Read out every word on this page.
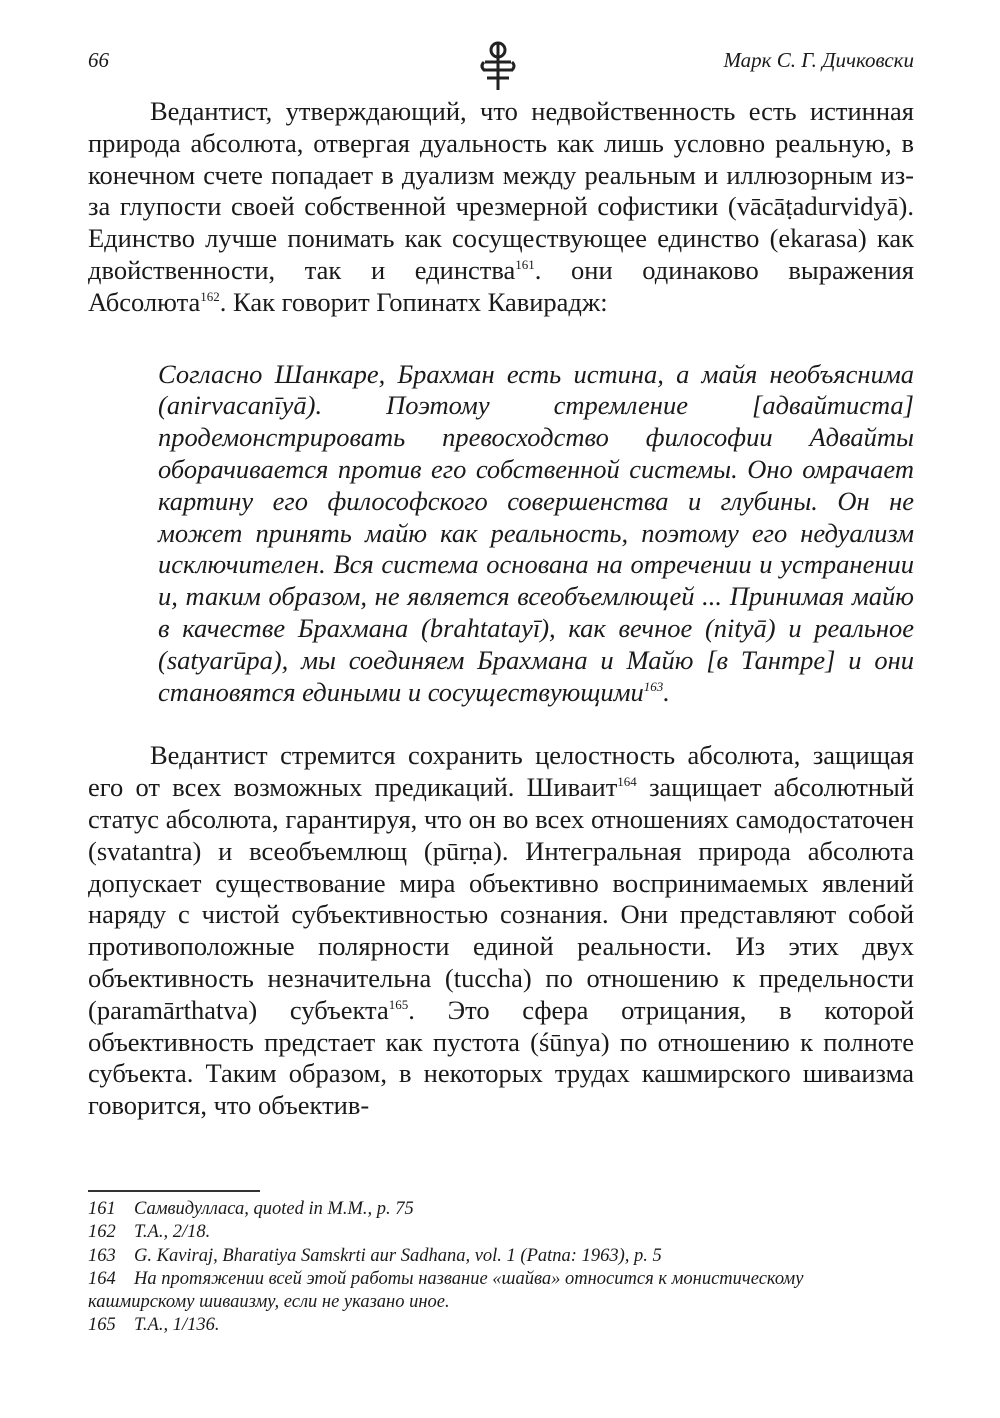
66	Марк С. Г. Дичковски

Ведантист, утверждающий, что недвойственность есть истинная природа абсолюта, отвергая дуальность как лишь условно реальную, в конечном счете попадает в дуализм между реальным и иллюзорным из-за глупости своей собственной чрезмерной софистики (vācāṭadurvidyā). Единство лучше понимать как сосуществующее единство (ekarasa) как двойственности, так и единства$^{161}$. они одинаково выражения Абсолюта$^{162}$. Как говорит Гопинатх Кавирадж:

Согласно Шанкаре, Брахман есть истина, а майя необъяснима (anirvacanīyā). Поэтому стремление [адвайтиста] продемонстрировать превосходство философии Адвайты оборачивается против его собственной системы. Оно омрачает картину его философского совершенства и глубины. Он не может принять майю как реальность, поэтому его недуализм исключителен. Вся система основана на отречении и устранении и, таким образом, не является всеобъемлющей ... Принимая майю в качестве Брахмана (brahtatayī), как вечное (nityā) и реальное (satyarūpa), мы соединяем Брахмана и Майю [в Тантре] и они становятся едиными и сосуществующими$^{163}$.

Ведантист стремится сохранить целостность абсолюта, защищая его от всех возможных предикаций. Шиваит$^{164}$ защищает абсолютный статус абсолюта, гарантируя, что он во всех отношениях самодостаточен (svatantra) и всеобъемлющ (pūrṇa). Интегральная природа абсолюта допускает существование мира объективно воспринимаемых явлений наряду с чистой субъективностью сознания. Они представляют собой противоположные полярности единой реальности. Из этих двух объективность незначительна (tuccha) по отношению к предельности (paramārthatva) субъекта$^{165}$. Это сфера отрицания, в которой объективность предстает как пустота (śūnya) по отношению к полноте субъекта. Таким образом, в некоторых трудах кашмирского шиваизма говорится, что объектив-

161 Самвидулласа, quoted in M.M., p. 75

162 T.A., 2/18.

163 G. Kaviraj, Bharatiya Samskrti aur Sadhana, vol. 1 (Patna: 1963), p. 5

164 На протяжении всей этой работы название «шайва» относится к монистическому кашмирскому шиваизму, если не указано иное.

165 T.A., 1/136.
